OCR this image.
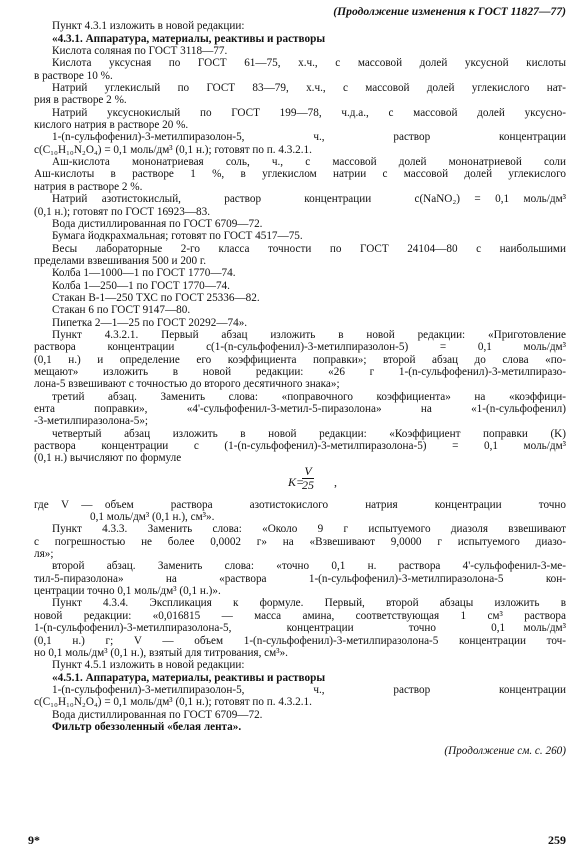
(Продолжение изменения к ГОСТ 11827—77)
Пункт 4.3.1 изложить в новой редакции:
«4.3.1. Аппаратура, материалы, реактивы и растворы
Кислота соляная по ГОСТ 3118—77.
Кислота уксусная по ГОСТ 61—75, х.ч., с массовой долей уксусной кислоты
в растворе 10 %.
Натрий углекислый по ГОСТ 83—79, х.ч., с массовой долей углекислого нат-
рия в растворе 2 %.
Натрий уксуснокислый по ГОСТ 199—78, ч.д.а., с массовой долей уксусно-
кислого натрия в растворе 20 %.
1-(n-сульфофенил)-3-метилпиразолон-5,   ч.,   раствор   концентрации
c(C₁₀H₁₀N₂O₄) = 0,1 моль/дм³ (0,1 н.); готовят по п. 4.3.2.1.
Аш-кислота мононатриевая соль, ч., с массовой долей мононатриевой соли
Аш-кислоты в растворе 1 %, в углекислом натрии с массовой долей углекислого
натрия в растворе 2 %.
Натрий азотистокислый,   раствор   концентрации   c(NaNO₂) = 0,1 моль/дм³
(0,1 н.); готовят по ГОСТ 16923—83.
Вода дистиллированная по ГОСТ 6709—72.
Бумага йодкрахмальная; готовят по ГОСТ 4517—75.
Весы лабораторные 2-го класса точности по ГОСТ 24104—80 с наибольшими
пределами взвешивания 500 и 200 г.
Колба 1—1000—1 по ГОСТ 1770—74.
Колба 1—250—1 по ГОСТ 1770—74.
Стакан В-1—250 ТХС по ГОСТ 25336—82.
Стакан 6 по ГОСТ 9147—80.
Пипетка 2—1—25 по ГОСТ 20292—74».
Пункт 4.3.2.1. Первый абзац изложить в новой редакции: «Приготовление
раствора концентрации c(1-(n-сульфофенил)-3-метилпиразолон-5) = 0,1 моль/дм³
(0,1 н.) и определение его коэффициента поправки»; второй абзац до слова «по-
мещают» изложить в новой редакции: «26 г 1-(n-сульфофенил)-3-метилпиразо-
лона-5 взвешивают с точностью до второго десятичного знака»;
третий абзац. Заменить слова: «поправочного коэффициента» на «коэффици-
ента поправки», «4'-сульфофенил-3-метил-5-пиразолона» на «1-(n-сульфофенил)
-3-метилпиразолона-5»;
четвертый абзац изложить в новой редакции: «Коэффициент поправки (K)
раствора концентрации c (1-(n-сульфофенил)-3-метилпиразолона-5) = 0,1 моль/дм³
(0,1 н.) вычисляют по формуле
K=
$\frac{V}{25}$ ,
где V — объем   раствора   азотистокислого   натрия   концентрации   точно
0,1 моль/дм³ (0,1 н.), см³».
Пункт 4.3.3. Заменить слова: «Около 9 г испытуемого диазоля взвешивают
с погрешностью не более 0,0002 г» на «Взвешивают 9,0000 г испытуемого диазо-
ля»;
второй абзац. Заменить слова: «точно 0,1 н. раствора 4'-сульфофенил-3-ме-
тил-5-пиразолона»   на   «раствора   1-(n-сульфофенил)-3-метилпиразолона-5   кон-
центрации точно 0,1 моль/дм³ (0,1 н.)».
Пункт 4.3.4. Экспликация к формуле. Первый, второй абзацы изложить в
новой редакции: «0,016815 — масса амина, соответствующая 1 см³ раствора
1-(n-сульфофенил)-3-метилпиразолона-5,   концентрации   точно   0,1 моль/дм³
(0,1 н.) г; V — объем 1-(n-сульфофенил)-3-метилпиразолона-5 концентрации точ-
но 0,1 моль/дм³ (0,1 н.), взятый для титрования, см³».
Пункт 4.5.1 изложить в новой редакции:
«4.5.1. Аппаратура, материалы, реактивы и растворы
1-(n-сульфофенил)-3-метилпиразолон-5,   ч.,   раствор   концентрации
c(C₁₀H₁₀N₂O₄) = 0,1 моль/дм³ (0,1 н.); готовят по п. 4.3.2.1.
Вода дистиллированная по ГОСТ 6709—72.
Фильтр обеззоленный «белая лента».
(Продолжение см. с. 260)
9*	259
